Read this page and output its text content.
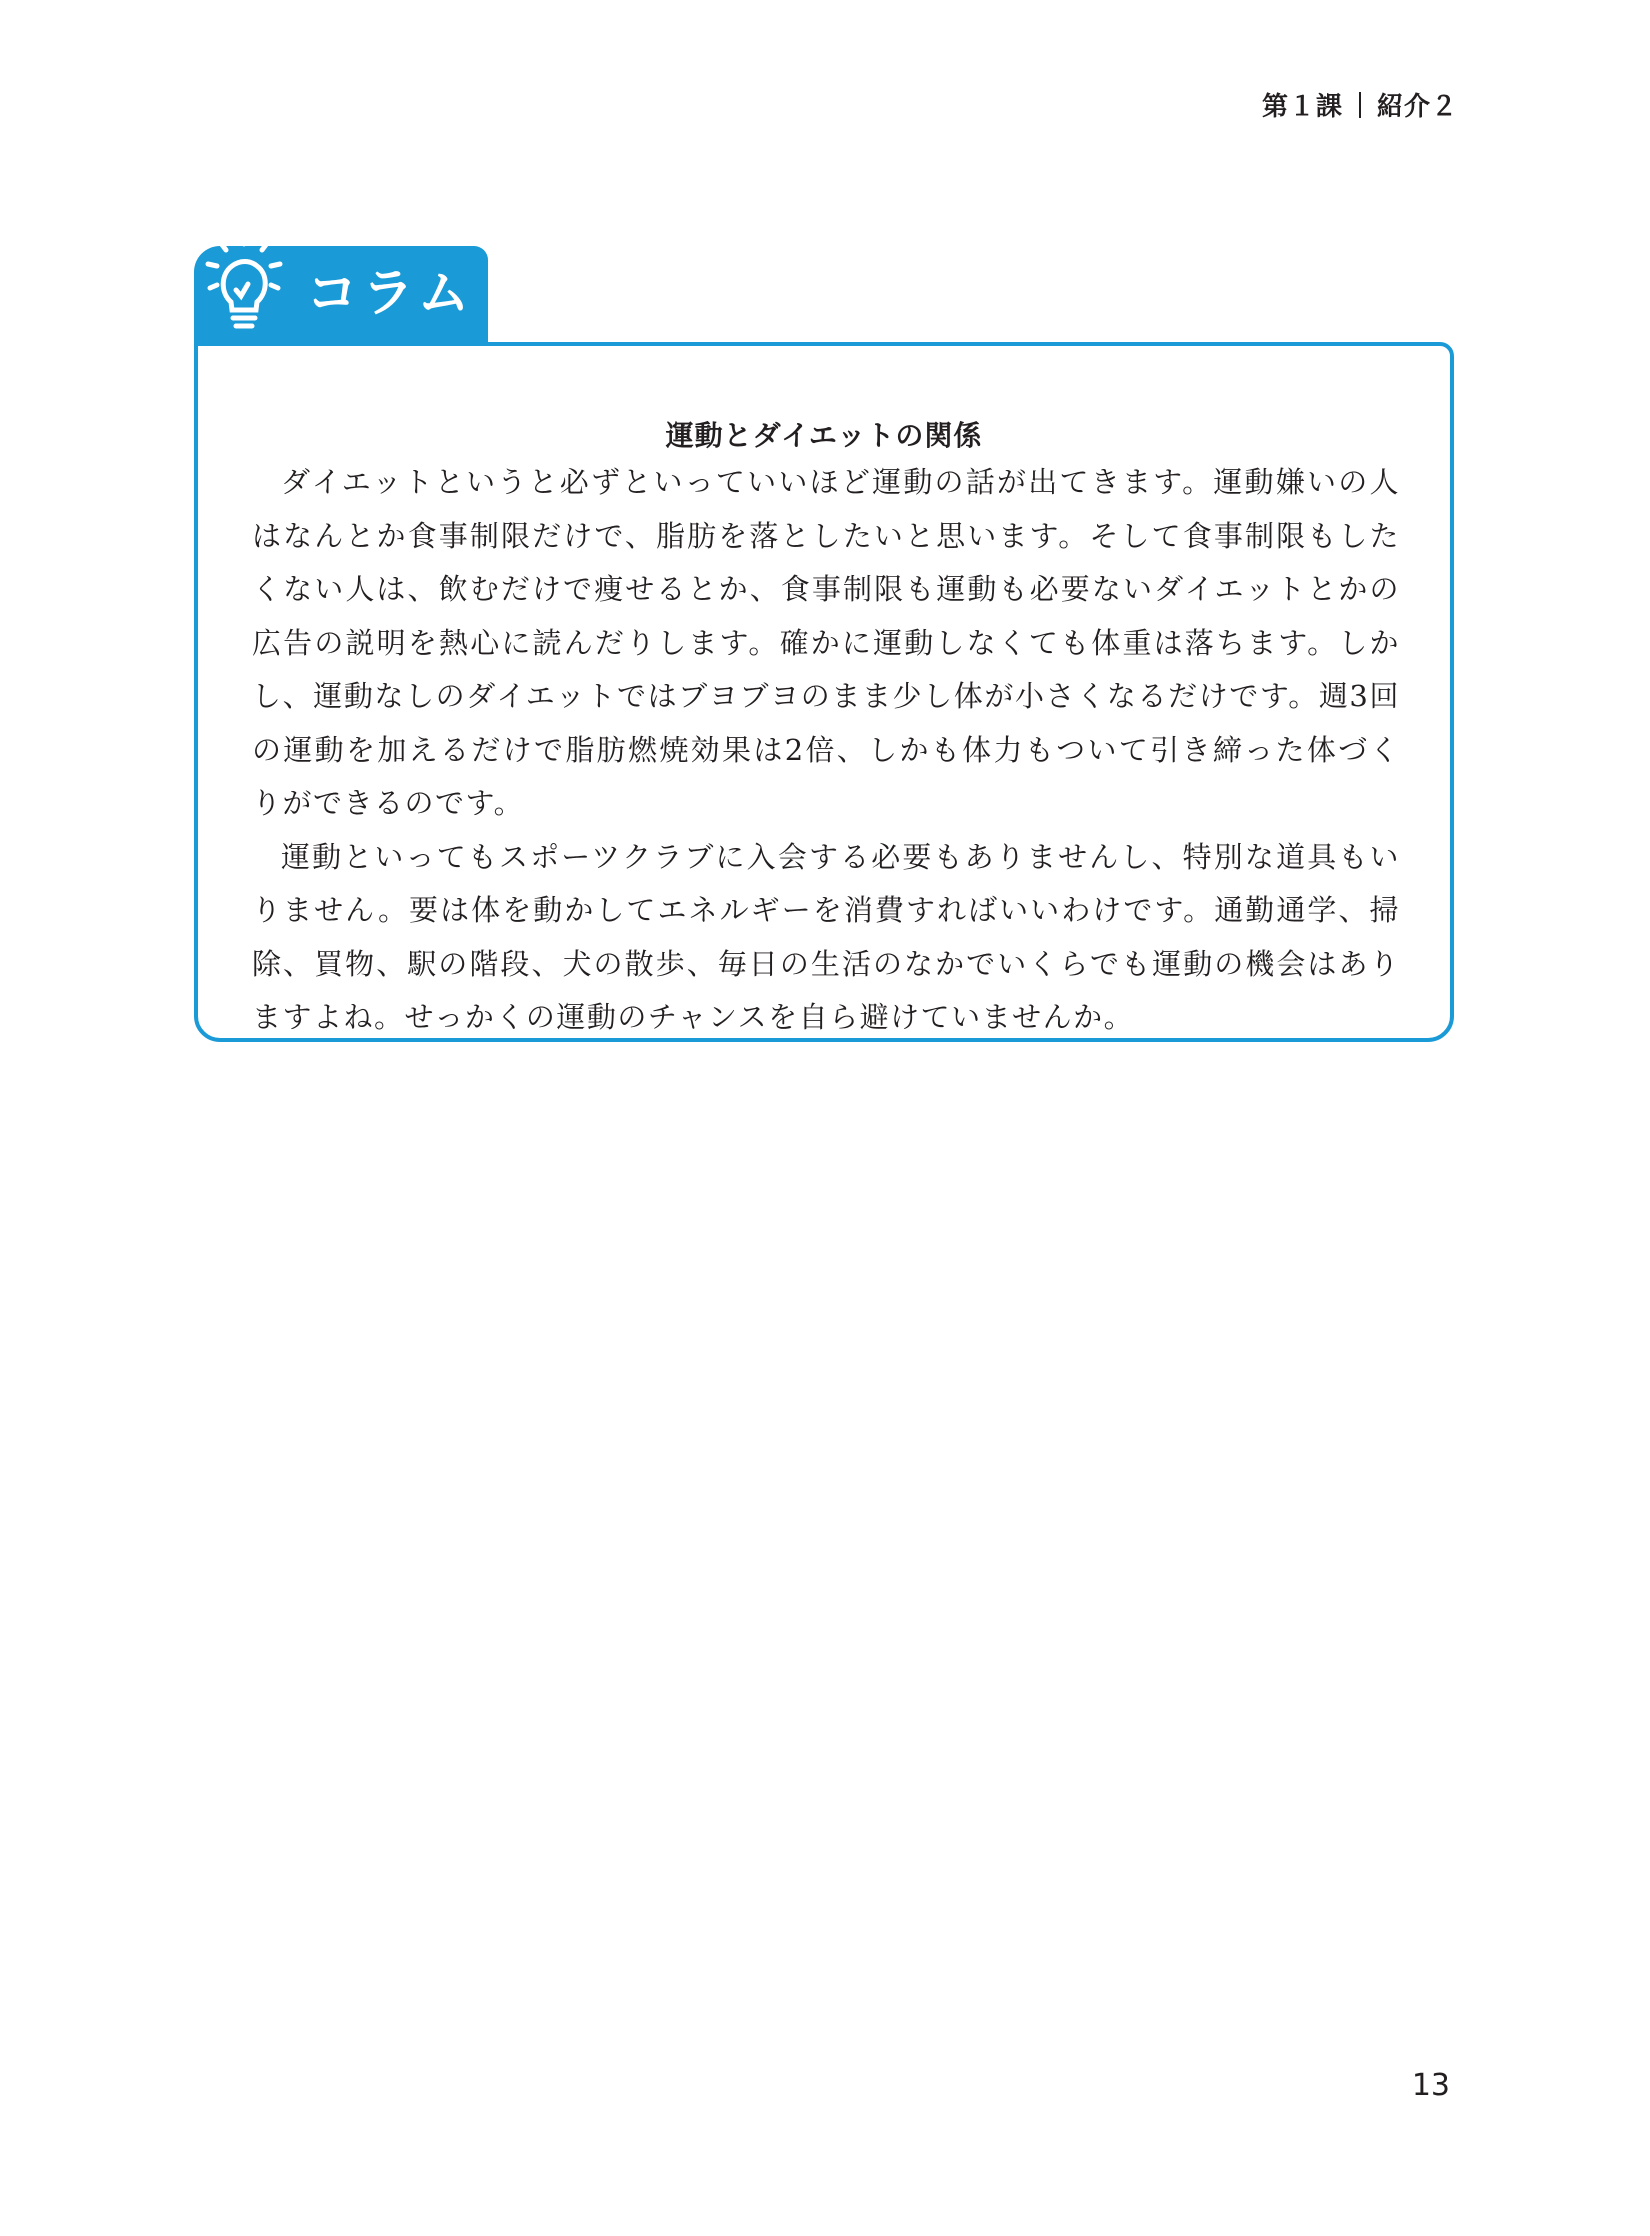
第１課 紹介２
コラム
運動とダイエットの関係

ダイエットというと必ずといっていいほど運動の話が出てきます。運動嫌いの人はなんとか食事制限だけで、脂肪を落としたいと思います。そして食事制限もしたくない人は、飲むだけで痩せるとか、食事制限も運動も必要ないダイエットとかの広告の説明を熱心に読んだりします。確かに運動しなくても体重は落ちます。しかし、運動なしのダイエットではブヨブヨのまま少し体が小さくなるだけです。週3回の運動を加えるだけで脂肪燃焼効果は2倍、しかも体力もついて引き締った体づくりができるのです。

運動といってもスポーツクラブに入会する必要もありませんし、特別な道具もいりません。要は体を動かしてエネルギーを消費すればいいわけです。通勤通学、掃除、買物、駅の階段、犬の散歩、毎日の生活のなかでいくらでも運動の機会はありますよね。せっかくの運動のチャンスを自ら避けていませんか。

13
